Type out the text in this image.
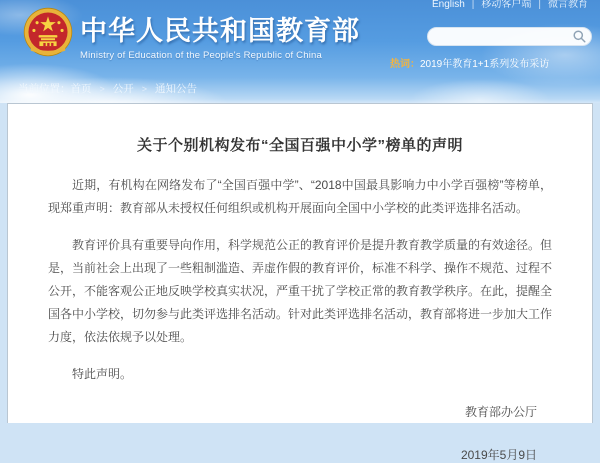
English | 移动客户端 | 微言教育
中华人民共和国教育部
Ministry of Education of the People's Republic of China
热词：2019年教育1+1系列发布采访
当前位置：首页 > 公开 > 通知公告
关于个别机构发布“全国百强中小学”榜单的声明

近期，有机构在网络发布了“全国百强中学”、“2018中国最具影响力中小学百强榜”等榜单，现郑重声明：教育部从未授权任何组织或机构开展面向全国中小学校的此类评选排名活动。

教育评价具有重要导向作用，科学规范公正的教育评价是提升教育教学质量的有效途径。但是，当前社会上出现了一些粗制滥造、弄虚作假的教育评价，标准不科学、操作不规范、过程不公开，不能客观公正地反映学校真实状况，严重干扰了学校正常的教育教学秩序。在此，提醒全国各中小学校，切勿参与此类评选排名活动。针对此类评选排名活动，教育部将进一步加大工作力度，依法依规予以处理。

特此声明。

教育部办公厅
2019年5月9日
